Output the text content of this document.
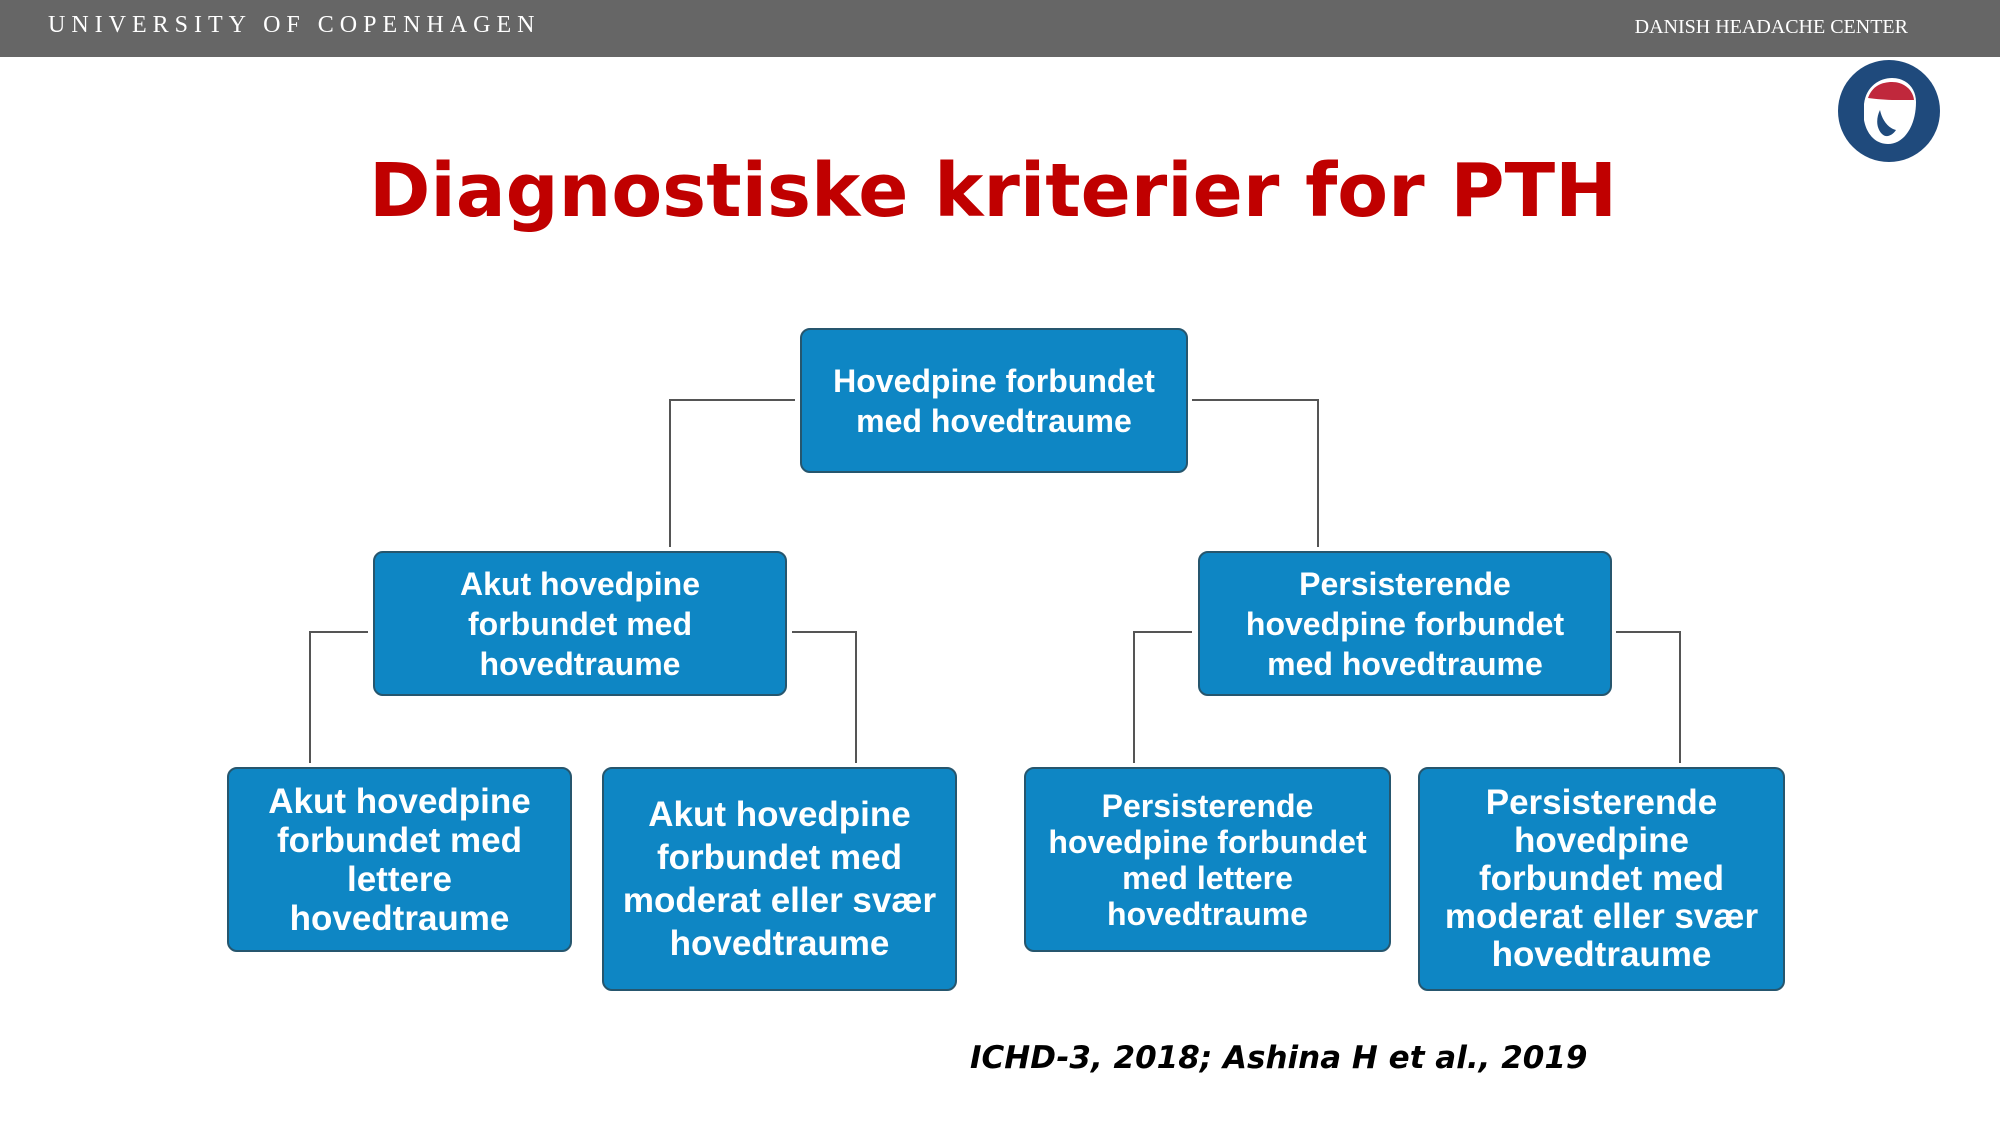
UNIVERSITY OF COPENHAGEN	DANISH HEADACHE CENTER
Diagnostiske kriterier for PTH
Hovedpine forbundet
med hovedtraume
Akut hovedpine
forbundet med
hovedtraume
Persisterende
hovedpine forbundet
med hovedtraume
Akut hovedpine
forbundet med
lettere
hovedtraume
Akut hovedpine
forbundet med
moderat eller svær
hovedtraume
Persisterende
hovedpine forbundet
med lettere
hovedtraume
Persisterende
hovedpine
forbundet med
moderat eller svær
hovedtraume
ICHD-3, 2018; Ashina H et al., 2019
